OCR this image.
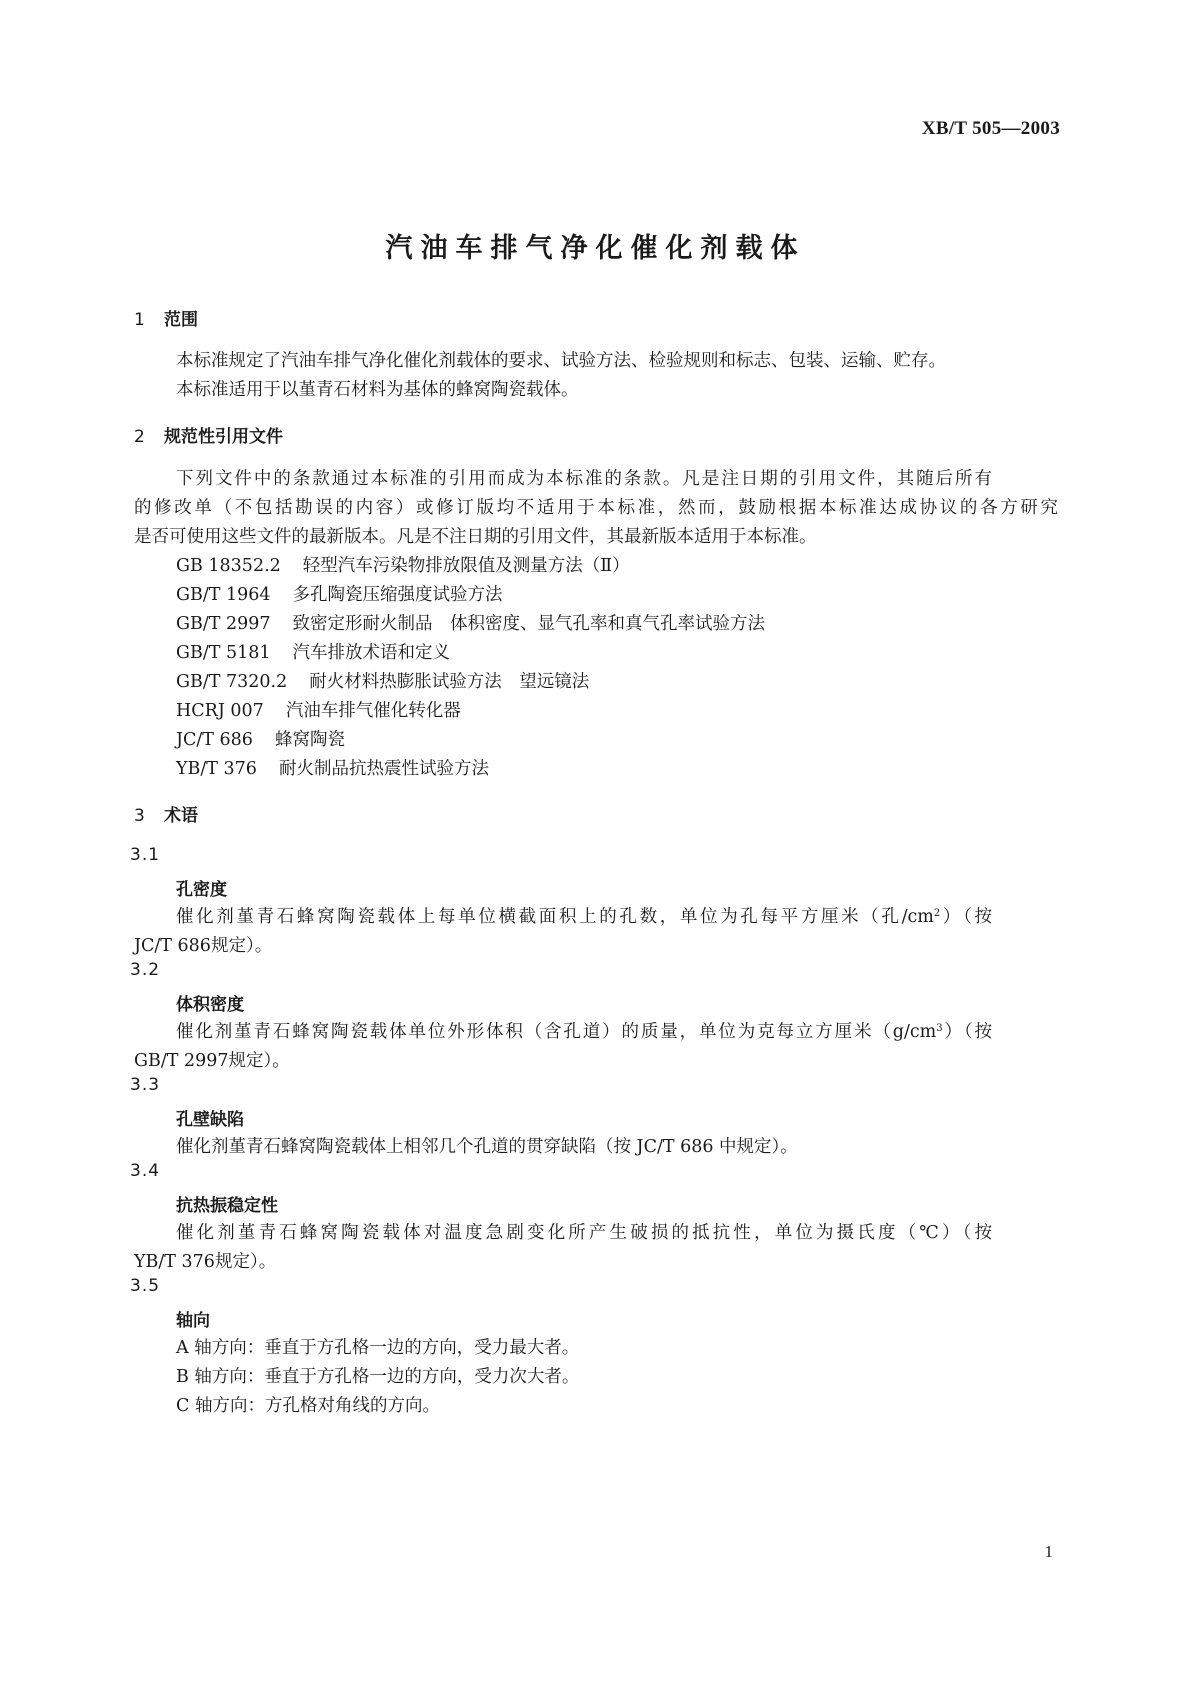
XB/T 505—2003
汽油车排气净化催化剂载体
1 范围
本标准规定了汽油车排气净化催化剂载体的要求、试验方法、检验规则和标志、包装、运输、贮存。
本标准适用于以堇青石材料为基体的蜂窝陶瓷载体。
2 规范性引用文件
下列文件中的条款通过本标准的引用而成为本标准的条款。凡是注日期的引用文件，其随后所有
的修改单（不包括勘误的内容）或修订版均不适用于本标准，然而，鼓励根据本标准达成协议的各方研究
是否可使用这些文件的最新版本。凡是不注日期的引用文件，其最新版本适用于本标准。
GB 18352.2 轻型汽车污染物排放限值及测量方法（Ⅱ）
GB/T 1964 多孔陶瓷压缩强度试验方法
GB/T 2997 致密定形耐火制品　体积密度、显气孔率和真气孔率试验方法
GB/T 5181 汽车排放术语和定义
GB/T 7320.2 耐火材料热膨胀试验方法　望远镜法
HCRJ 007 汽油车排气催化转化器
JC/T 686 蜂窝陶瓷
YB/T 376 耐火制品抗热震性试验方法
3 术语
3.1
孔密度
催化剂堇青石蜂窝陶瓷载体上每单位横截面积上的孔数，单位为孔每平方厘米（孔$/cm^2$）（按
JC/T 686规定）。
3.2
体积密度
催化剂堇青石蜂窝陶瓷载体单位外形体积（含孔道）的质量，单位为克每立方厘米$(g/cm^3)$（按
GB/T 2997规定）。
3.3
孔壁缺陷
催化剂堇青石蜂窝陶瓷载体上相邻几个孔道的贯穿缺陷（按 JC/T 686 中规定）。
3.4
抗热振稳定性
催化剂堇青石蜂窝陶瓷载体对温度急剧变化所产生破损的抵抗性，单位为摄氏度（℃）（按
YB/T 376规定）。
3.5
轴向
A 轴方向：垂直于方孔格一边的方向，受力最大者。
B 轴方向：垂直于方孔格一边的方向，受力次大者。
C 轴方向：方孔格对角线的方向。
1
